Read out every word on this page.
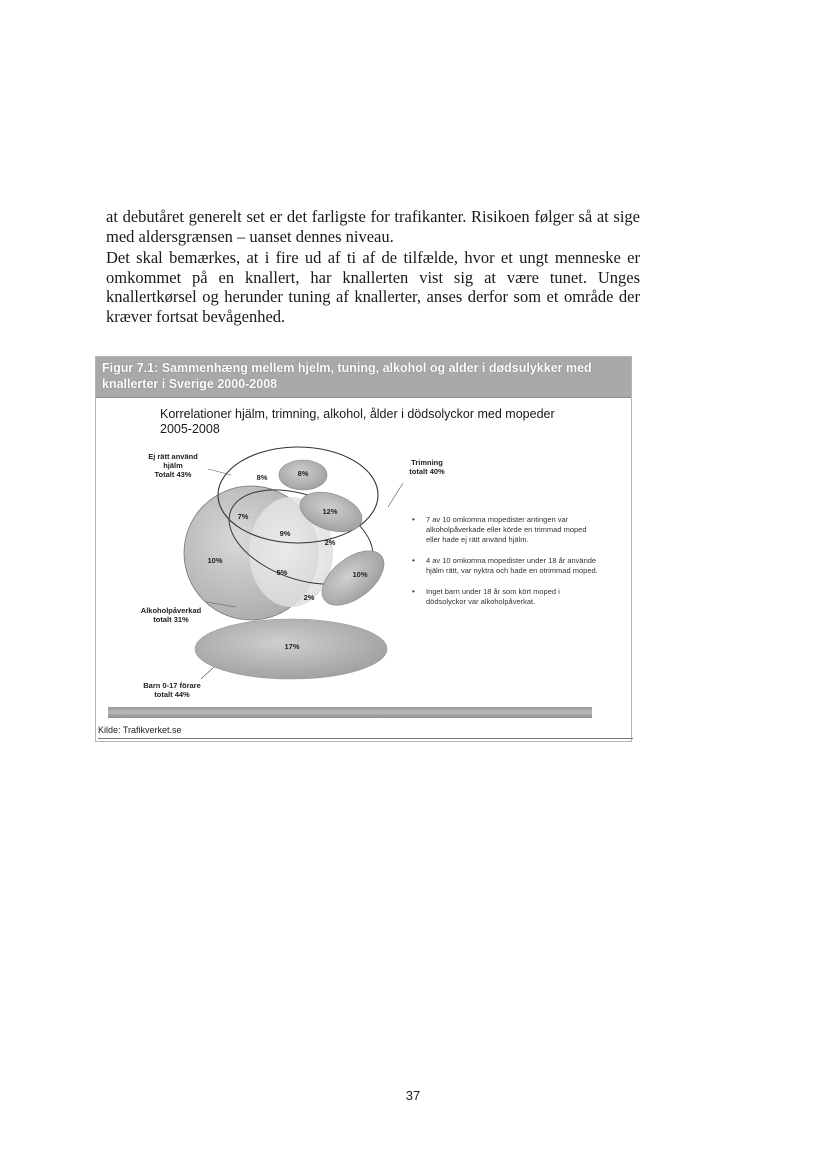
at debutåret generelt set er det farligste for trafikanter. Risikoen følger så at sige med aldersgrænsen – uanset dennes niveau.

Det skal bemærkes, at i fire ud af ti af de tilfælde, hvor et ungt menneske er omkommet på en knallert, har knallerten vist sig at være tunet. Unges knallertkørsel og herunder tuning af knallerter, anses derfor som et område der kræver fortsat bevågenhed.

Figur 7.1: Sammenhæng mellem hjelm, tuning, alkohol og alder i dødsulykker med knallerter i Sverige 2000-2008
Korrelationer hjälm, trimning, alkohol, ålder i dödsolyckor med mopeder
2005-2008
Ej rätt använd
hjälm
Totalt 43%
Trimning
totalt 40%
Alkoholpåverkad
totalt 31%
Barn 0-17 förare
totalt 44%
8%	8%
12%
7%
9%
2%
10%
5%	10%
2%
17%
• 7 av 10 omkomna mopedister antingen var alkoholpåverkade eller körde en trimmad moped eller hade ej rätt använd hjälm.
• 4 av 10 omkomna mopedister under 18 år använde hjälm rätt, var nyktra och hade en otrimmad moped.
• Inget barn under 18 år som kört moped i dödsolyckor var alkoholpåverkat.
Kilde: Trafikverket.se
37
